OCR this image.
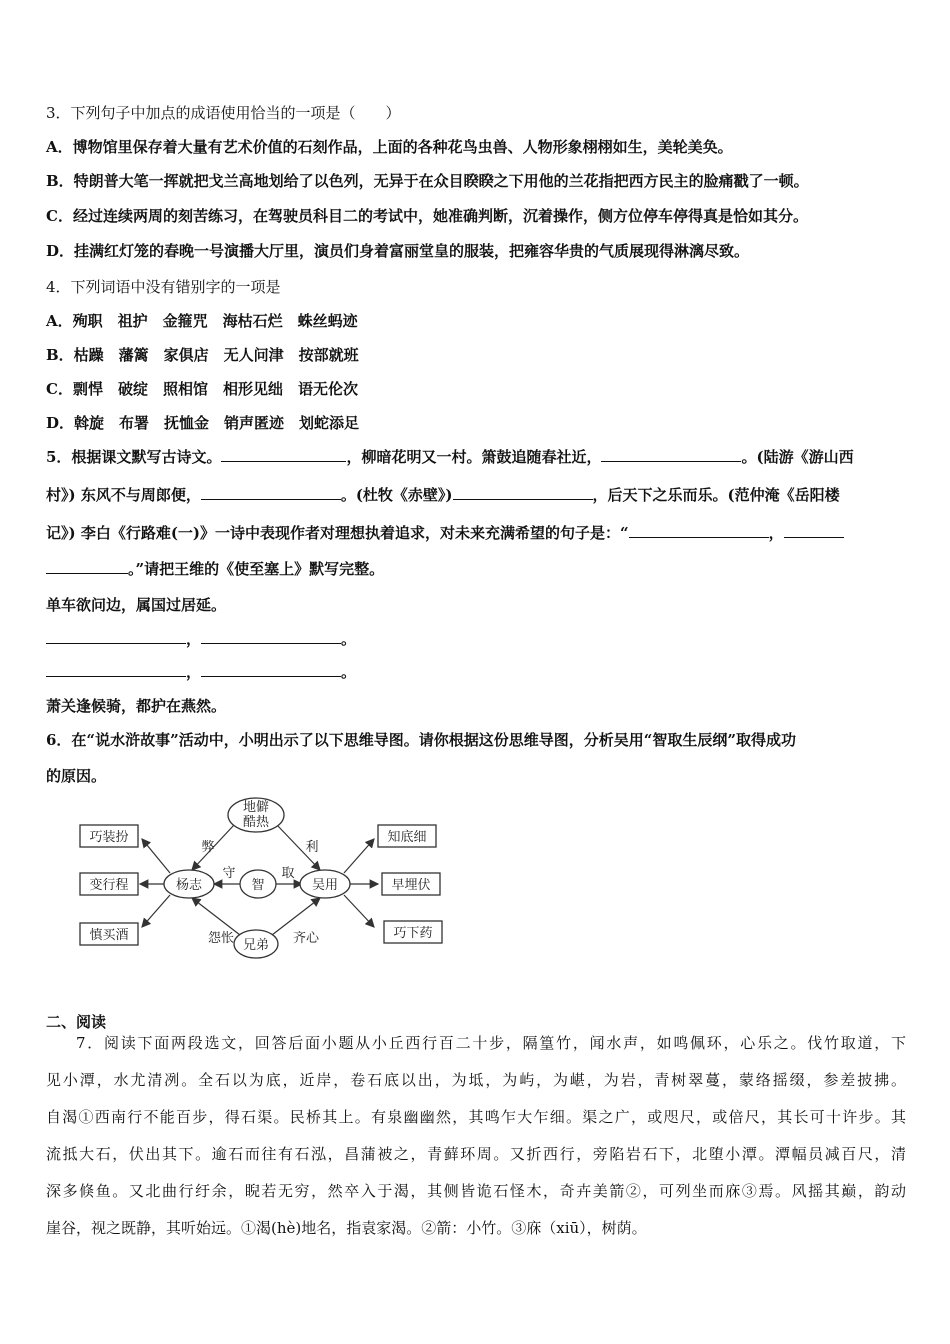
3．下列句子中加点的成语使用恰当的一项是（　　）
A．博物馆里保存着大量有艺术价值的石刻作品，上面的各种花鸟虫兽、人物形象栩栩如生，美轮美奂。
B．特朗普大笔一挥就把戈兰高地划给了以色列，无异于在众目睽睽之下用他的兰花指把西方民主的脸痛戳了一顿。
C．经过连续两周的刻苦练习，在驾驶员科目二的考试中，她准确判断，沉着操作，侧方位停车停得真是恰如其分。
D．挂满红灯笼的春晚一号演播大厅里，演员们身着富丽堂皇的服装，把雍容华贵的气质展现得淋漓尽致。
4．下列词语中没有错别字的一项是
A．殉职　祖护　金箍咒　海枯石烂　蛛丝蚂迹
B．枯躁　藩篱　家俱店　无人问津　按部就班
C．剽悍　破绽　照相馆　相形见绌　语无伦次
D．斡旋　布署　抚恤金　销声匿迹　划蛇添足
5．根据课文默写古诗文。	，柳暗花明又一村。箫鼓追随春社近，	。(陆游《游山西
村》) 东风不与周郎便，	。(杜牧《赤壁》)	，后天下之乐而乐。(范仲淹《岳阳楼
记》) 李白《行路难(一)》一诗中表现作者对理想执着追求，对未来充满希望的句子是：“	，
。”请把王维的《使至塞上》默写完整。
单车欲问边，属国过居延。
，	。
，	。
萧关逢候骑，都护在燕然。
6．在“说水浒故事”活动中，小明出示了以下思维导图。请你根据这份思维导图，分析吴用“智取生辰纲”取得成功
的原因。
地僻
酷热
杨志	智	吴用
兄弟
巧装扮
变行程
慎买酒
知底细
早埋伏
巧下药
弊	利
守	取
怨怅	齐心
二、阅读
7．阅读下面两段选文，回答后面小题从小丘西行百二十步，隔篁竹，闻水声，如鸣佩环，心乐之。伐竹取道，下
见小潭，水尤清冽。全石以为底，近岸，卷石底以出，为坻，为屿，为嵁，为岩，青树翠蔓，蒙络摇缀，参差披拂。
自渴①西南行不能百步，得石渠。民桥其上。有泉幽幽然，其鸣乍大乍细。渠之广，或咫尺，或倍尺，其长可十许步。其
流抵大石，伏出其下。逾石而往有石泓，昌蒲被之，青藓环周。又折西行，旁陷岩石下，北堕小潭。潭幅员减百尺，清
深多倏鱼。又北曲行纡余，睨若无穷，然卒入于渴，其侧皆诡石怪木，奇卉美箭②，可列坐而庥③焉。风摇其巅，韵动
崖谷，视之既静，其听始远。①渴(hè)地名，指袁家渴。②箭：小竹。③庥（xiū），树荫。
